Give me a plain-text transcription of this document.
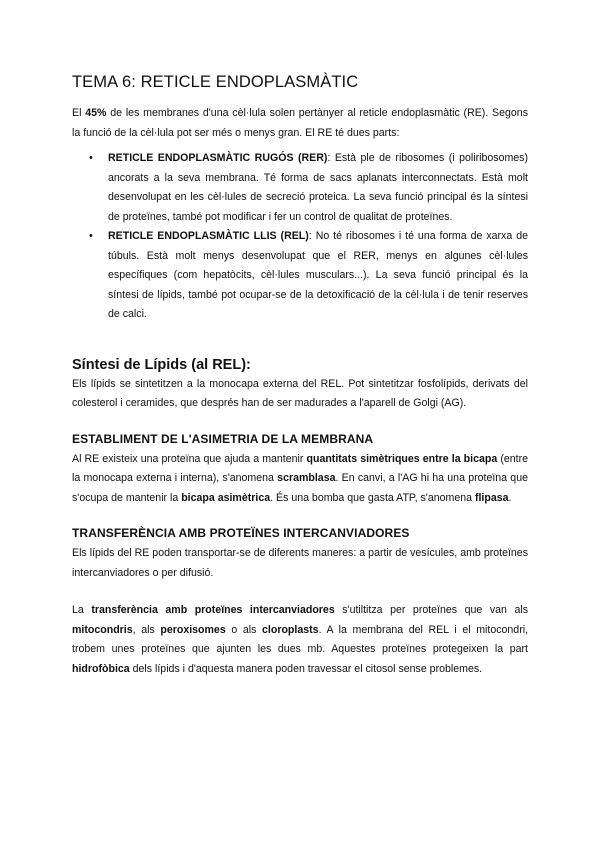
TEMA 6: RETICLE ENDOPLASMÀTIC

El 45% de les membranes d'una cèl·lula solen pertànyer al reticle endoplasmàtic (RE). Segons la funció de la cèl·lula pot ser més o menys gran. El RE té dues parts:

• RETICLE ENDOPLASMÀTIC RUGÓS (RER): Està ple de ribosomes (i poliribosomes) ancorats a la seva membrana. Té forma de sacs aplanats interconnectats. Està molt desenvolupat en les cèl·lules de secreció proteica. La seva funció principal és la síntesi de proteïnes, també pot modificar i fer un control de qualitat de proteïnes.
• RETICLE ENDOPLASMÀTIC LLIS (REL): No té ribosomes i té una forma de xarxa de túbuls. Està molt menys desenvolupat que el RER, menys en algunes cèl·lules específiques (com hepatòcits, cèl·lules musculars...). La seva funció principal és la síntesi de lípids, també pot ocupar-se de la detoxificació de la cèl·lula i de tenir reserves de calci.
Síntesi de Lípids (al REL):

Els lípids se sintetitzen a la monocapa externa del REL. Pot sintetitzar fosfolípids, derivats del colesterol i ceramides, que després han de ser madurades a l'aparell de Golgi (AG).

ESTABLIMENT DE L'ASIMETRIA DE LA MEMBRANA

Al RE existeix una proteïna que ajuda a mantenir quantitats simètriques entre la bicapa (entre la monocapa externa i interna), s'anomena scramblasa. En canvi, a l'AG hi ha una proteïna que s'ocupa de mantenir la bicapa asimètrica. És una bomba que gasta ATP, s'anomena flipasa.

TRANSFERÈNCIA AMB PROTEÏNES INTERCANVIADORES

Els lípids del RE poden transportar-se de diferents maneres: a partir de vesícules, amb proteïnes intercanviadores o per difusió.

La transferència amb proteïnes intercanviadores s'utiltitza per proteïnes que van als mitocondris, als peroxisomes o als cloroplasts. A la membrana del REL i el mitocondri, trobem unes proteïnes que ajunten les dues mb. Aquestes proteïnes protegeixen la part hidrofòbica dels lípids i d'aquesta manera poden travessar el citosol sense problemes.
